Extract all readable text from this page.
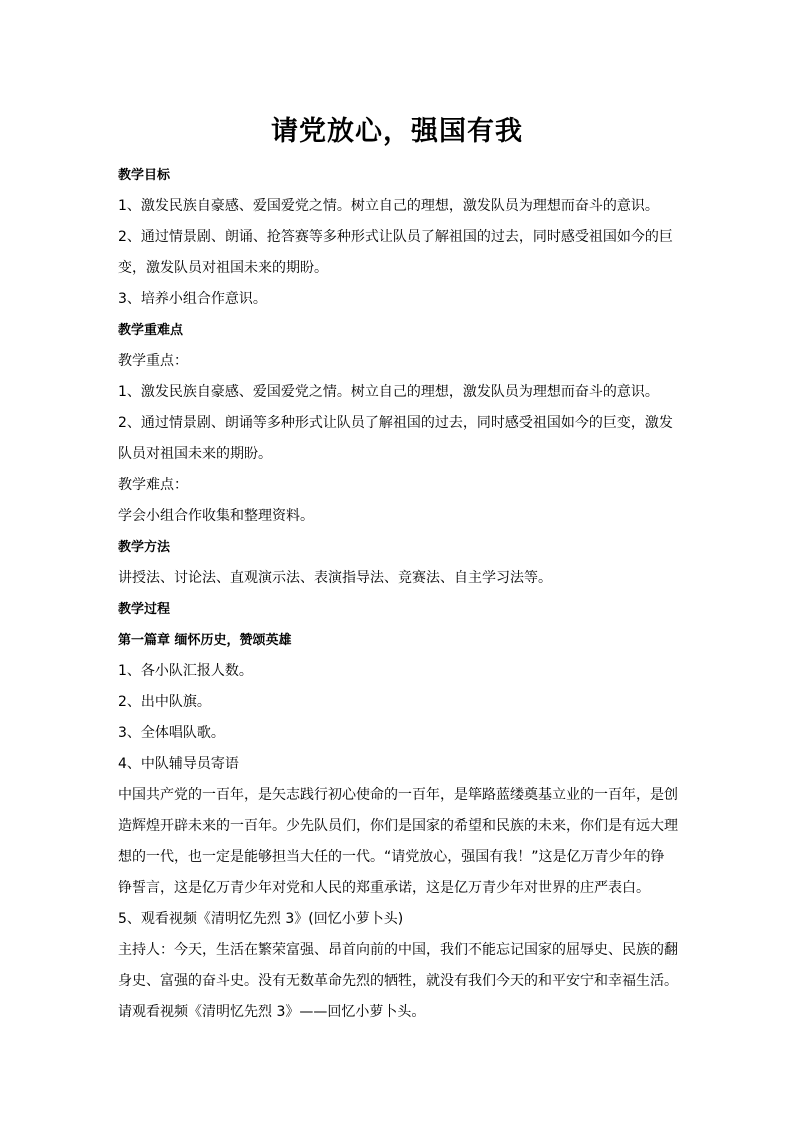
请党放心，强国有我
教学目标
1、激发民族自豪感、爱国爱党之情。树立自己的理想，激发队员为理想而奋斗的意识。
2、通过情景剧、朗诵、抢答赛等多种形式让队员了解祖国的过去，同时感受祖国如今的巨
变，激发队员对祖国未来的期盼。
3、培养小组合作意识。
教学重难点
教学重点：
1、激发民族自豪感、爱国爱党之情。树立自己的理想，激发队员为理想而奋斗的意识。
2、通过情景剧、朗诵等多种形式让队员了解祖国的过去，同时感受祖国如今的巨变，激发
队员对祖国未来的期盼。
教学难点：
学会小组合作收集和整理资料。
教学方法
讲授法、讨论法、直观演示法、表演指导法、竞赛法、自主学习法等。
教学过程
第一篇章 缅怀历史，赞颂英雄
1、各小队汇报人数。
2、出中队旗。
3、全体唱队歌。
4、中队辅导员寄语
中国共产党的一百年，是矢志践行初心使命的一百年，是筚路蓝缕奠基立业的一百年，是创
造辉煌开辟未来的一百年。少先队员们，你们是国家的希望和民族的未来，你们是有远大理
想的一代，也一定是能够担当大任的一代。“请党放心，强国有我！”这是亿万青少年的铮
铮誓言，这是亿万青少年对党和人民的郑重承诺，这是亿万青少年对世界的庄严表白。
5、观看视频《清明忆先烈 3》(回忆小萝卜头)
主持人：今天，生活在繁荣富强、昂首向前的中国，我们不能忘记国家的屈辱史、民族的翻
身史、富强的奋斗史。没有无数革命先烈的牺牲，就没有我们今天的和平安宁和幸福生活。
请观看视频《清明忆先烈 3》——回忆小萝卜头。
